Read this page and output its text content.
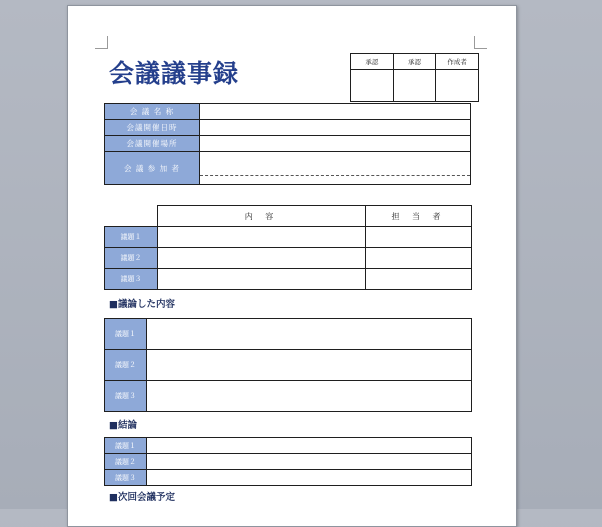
会議議事録	承認	承認	作成者

会 議 名 称	
会議開催日時	
会議開催場所	
会 議 参 加 者	
	内 容	担 当 者
議題１		
議題２		
議題３		
■議論した内容
議題１	
議題２	
議題３	
■結論
議題１	
議題２	
議題３	
■次回会議予定
